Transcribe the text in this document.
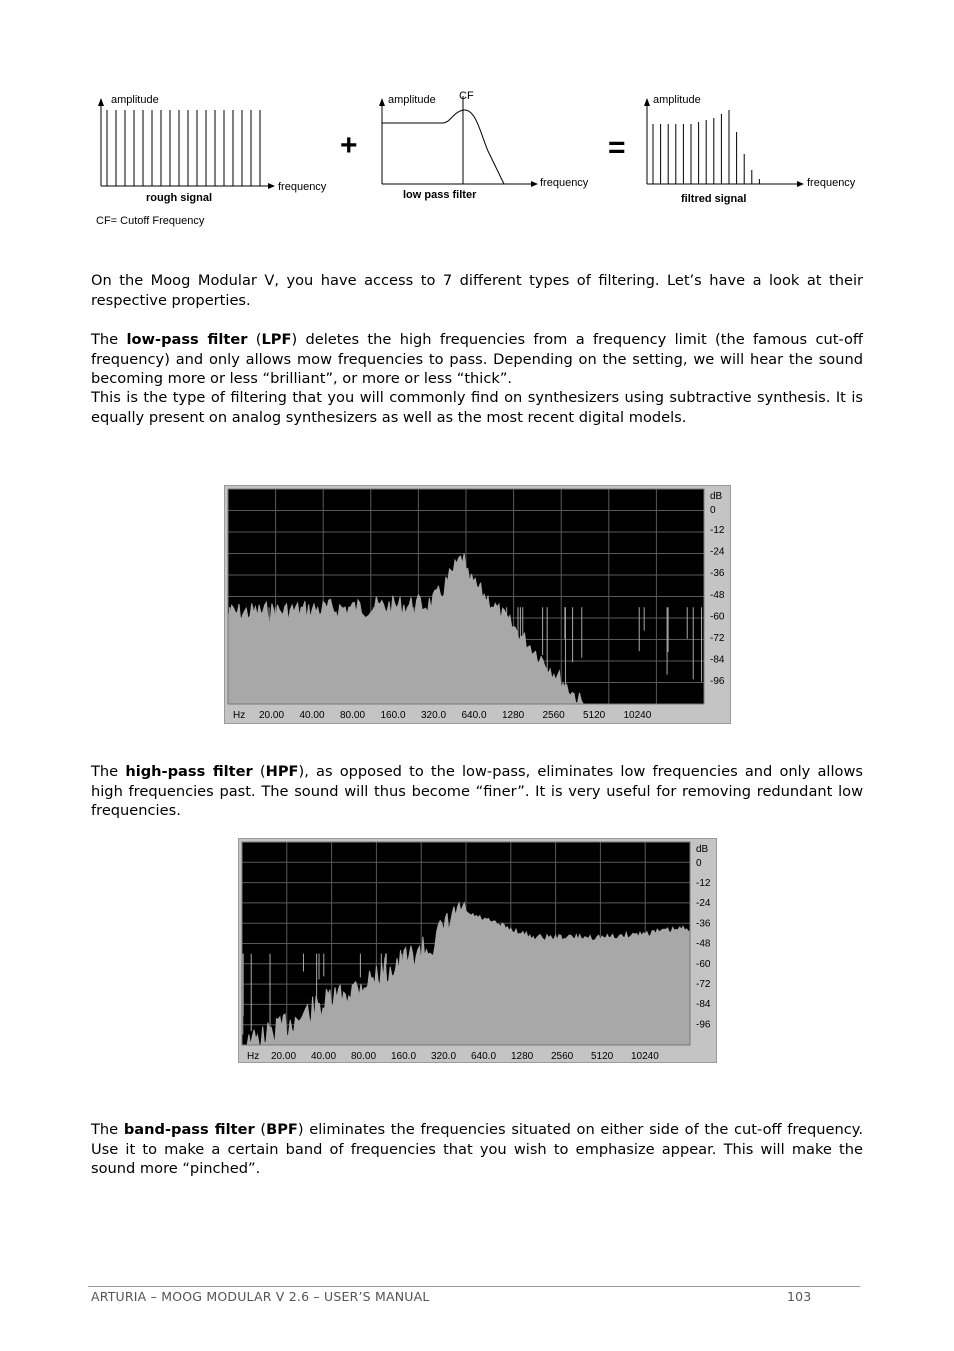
amplitude
frequency
rough signal
+
amplitude CF
frequency
low pass filter
=
amplitude
frequency
filtred signal
CF= Cutoff Frequency

On the Moog Modular V, you have access to 7 different types of filtering. Let’s have a look at their respective properties.

The low-pass filter (LPF) deletes the high frequencies from a frequency limit (the famous cut-off frequency) and only allows mow frequencies to pass. Depending on the setting, we will hear the sound becoming more or less “brilliant”, or more or less “thick”.

This is the type of filtering that you will commonly find on synthesizers using subtractive synthesis. It is equally present on analog synthesizers as well as the most recent digital models.

dB
0
-12
-24
-36
-48
-60
-72
-84
-96
Hz 20.00 40.00 80.00 160.0 320.0 640.0 1280 2560 5120 10240

The high-pass filter (HPF), as opposed to the low-pass, eliminates low frequencies and only allows high frequencies past. The sound will thus become “finer”. It is very useful for removing redundant low frequencies.

dB
0
-12
-24
-36
-48
-60
-72
-84
-96
Hz 20.00 40.00 80.00 160.0 320.0 640.0 1280 2560 5120 10240

The band-pass filter (BPF) eliminates the frequencies situated on either side of the cut-off frequency. Use it to make a certain band of frequencies that you wish to emphasize appear. This will make the sound more “pinched”.

ARTURIA – MOOG MODULAR V 2.6 – USER’S MANUAL	103
